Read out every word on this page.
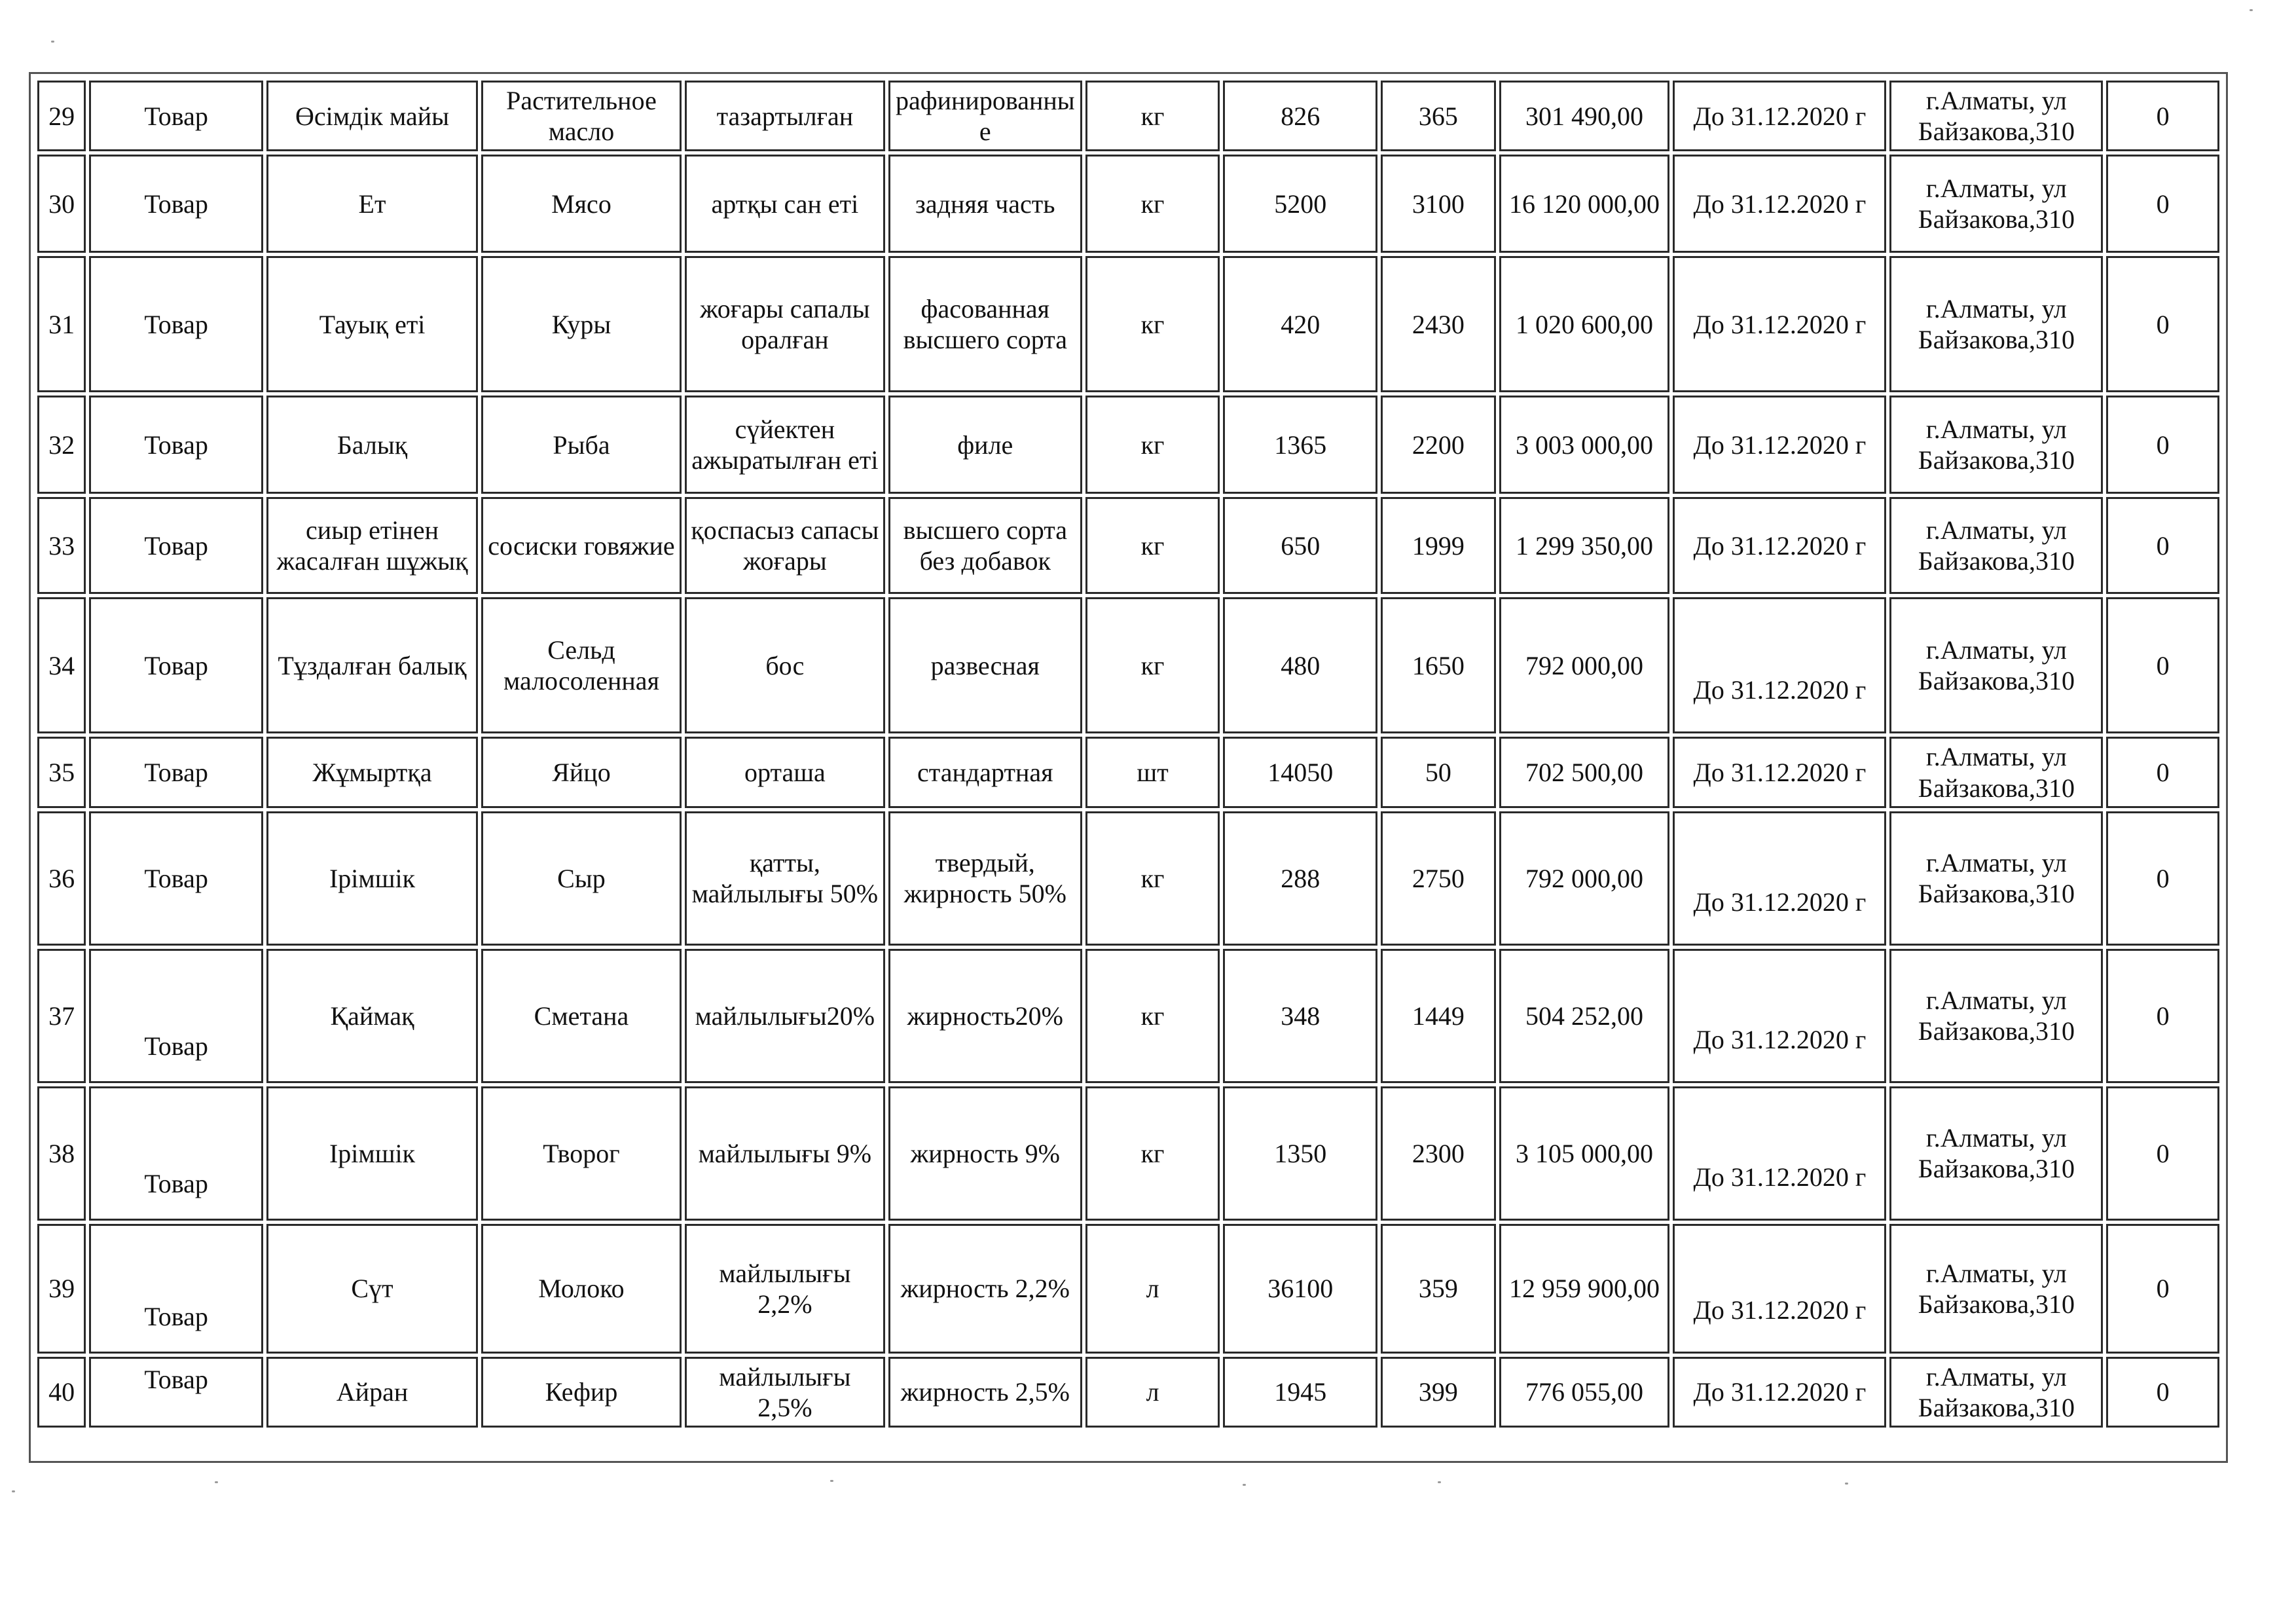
29	Товар	Өсімдік майы	Растительное масло	тазартылған	рафинированные	кг	826	365	301 490,00	До 31.12.2020 г	г.Алматы, ул Байзакова,310	0
30	Товар	Ет	Мясо	артқы сан еті	задняя часть	кг	5200	3100	16 120 000,00	До 31.12.2020 г	г.Алматы, ул Байзакова,310	0
31	Товар	Тауық еті	Куры	жоғары сапалы оралған	фасованная высшего сорта	кг	420	2430	1 020 600,00	До 31.12.2020 г	г.Алматы, ул Байзакова,310	0
32	Товар	Балық	Рыба	сүйектен ажыратылған еті	филе	кг	1365	2200	3 003 000,00	До 31.12.2020 г	г.Алматы, ул Байзакова,310	0
33	Товар	сиыр етінен жасалған шұжық	сосиски говяжие	қоспасыз сапасы жоғары	высшего сорта без добавок	кг	650	1999	1 299 350,00	До 31.12.2020 г	г.Алматы, ул Байзакова,310	0
34	Товар	Тұздалған балық	Сельд малосоленная	бос	развесная	кг	480	1650	792 000,00	До 31.12.2020 г	г.Алматы, ул Байзакова,310	0
35	Товар	Жұмыртқа	Яйцо	орташа	стандартная	шт	14050	50	702 500,00	До 31.12.2020 г	г.Алматы, ул Байзакова,310	0
36	Товар	Ірімшік	Сыр	қатты, майлылығы 50%	твердый, жирность 50%	кг	288	2750	792 000,00	До 31.12.2020 г	г.Алматы, ул Байзакова,310	0
37	Товар	Қаймақ	Сметана	майлылығы20%	жирность20%	кг	348	1449	504 252,00	До 31.12.2020 г	г.Алматы, ул Байзакова,310	0
38	Товар	Ірімшік	Творог	майлылығы 9%	жирность 9%	кг	1350	2300	3 105 000,00	До 31.12.2020 г	г.Алматы, ул Байзакова,310	0
39	Товар	Сүт	Молоко	майлылығы 2,2%	жирность 2,2%	л	36100	359	12 959 900,00	До 31.12.2020 г	г.Алматы, ул Байзакова,310	0
40	Товар	Айран	Кефир	майлылығы 2,5%	жирность 2,5%	л	1945	399	776 055,00	До 31.12.2020 г	г.Алматы, ул Байзакова,310	0
